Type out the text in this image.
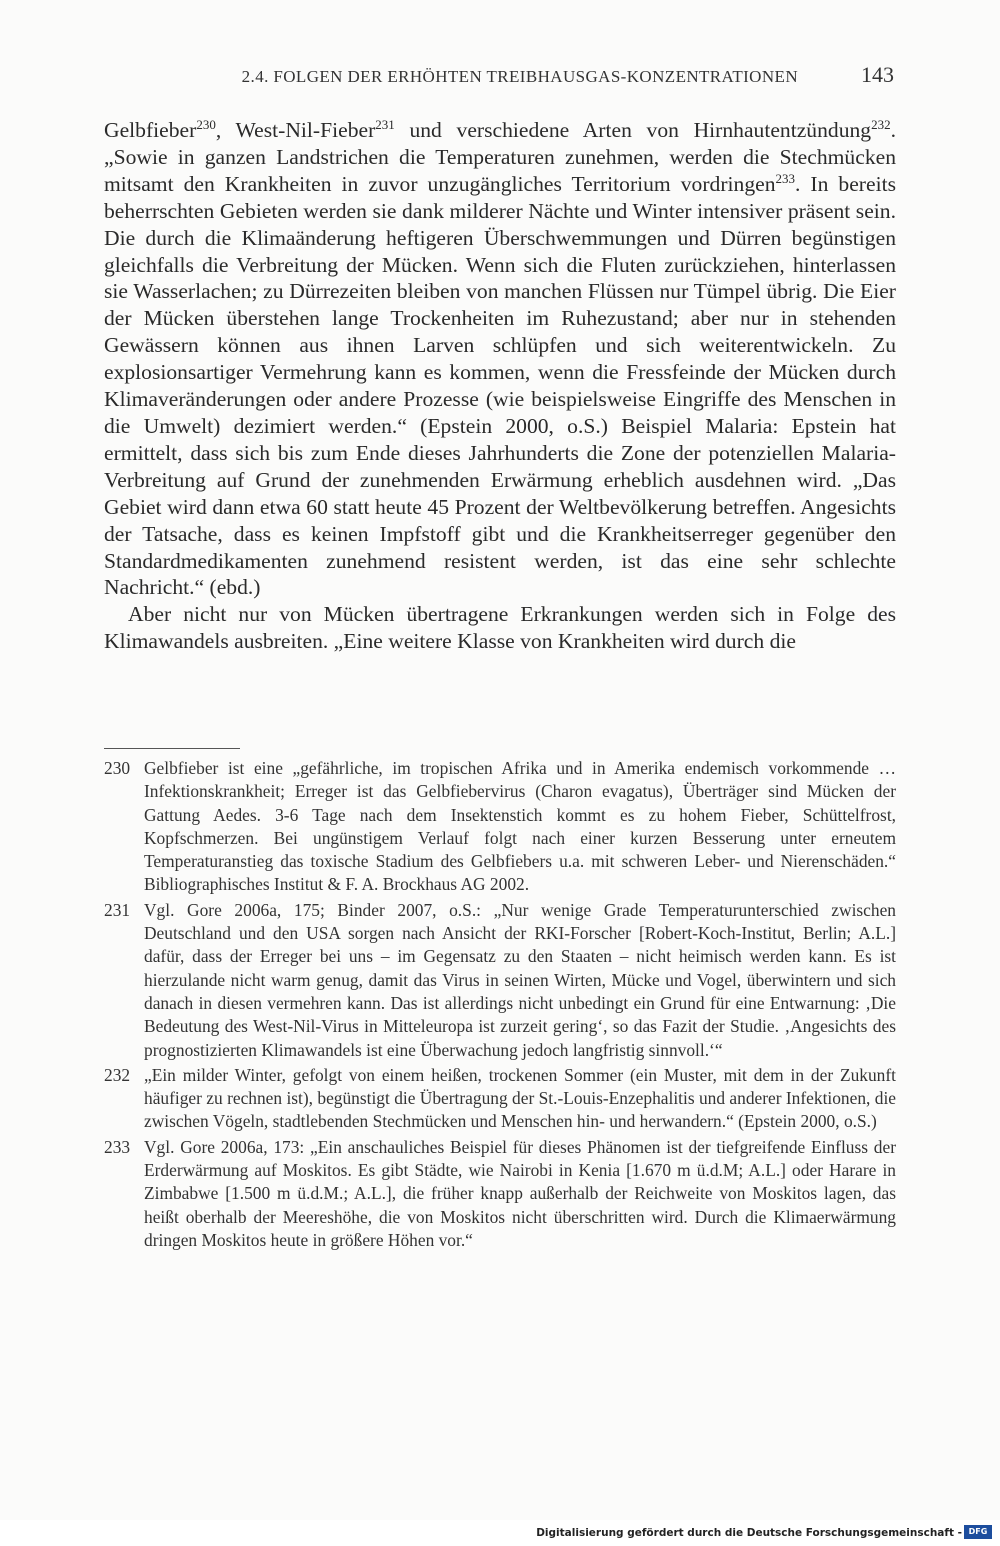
2.4. FOLGEN DER ERHÖHTEN TREIBHAUSGAS-KONZENTRATIONEN	143

Gelbfieber$^{230}$, West-Nil-Fieber$^{231}$ und verschiedene Arten von Hirnhautentzündung$^{232}$. „Sowie in ganzen Landstrichen die Temperaturen zunehmen, werden die Stechmücken mitsamt den Krankheiten in zuvor unzugängliches Territorium vordringen$^{233}$. In bereits beherrschten Gebieten werden sie dank milderer Nächte und Winter intensiver präsent sein. Die durch die Klimaänderung heftigeren Überschwemmungen und Dürren begünstigen gleichfalls die Verbreitung der Mücken. Wenn sich die Fluten zurückziehen, hinterlassen sie Wasserlachen; zu Dürrezeiten bleiben von manchen Flüssen nur Tümpel übrig. Die Eier der Mücken überstehen lange Trockenheiten im Ruhezustand; aber nur in stehenden Gewässern können aus ihnen Larven schlüpfen und sich weiterentwickeln. Zu explosionsartiger Vermehrung kann es kommen, wenn die Fressfeinde der Mücken durch Klimaveränderungen oder andere Prozesse (wie beispielsweise Eingriffe des Menschen in die Umwelt) dezimiert werden.“ (Epstein 2000, o.S.) Beispiel Malaria: Epstein hat ermittelt, dass sich bis zum Ende dieses Jahrhunderts die Zone der potenziellen Malaria-Verbreitung auf Grund der zunehmenden Erwärmung erheblich ausdehnen wird. „Das Gebiet wird dann etwa 60 statt heute 45 Prozent der Weltbevölkerung betreffen. Angesichts der Tatsache, dass es keinen Impfstoff gibt und die Krankheitserreger gegenüber den Standardmedikamenten zunehmend resistent werden, ist das eine sehr schlechte Nachricht.“ (ebd.)

Aber nicht nur von Mücken übertragene Erkrankungen werden sich in Folge des Klimawandels ausbreiten. „Eine weitere Klasse von Krankheiten wird durch die

230 Gelbfieber ist eine „gefährliche, im tropischen Afrika und in Amerika endemisch vorkommende … Infektionskrankheit; Erreger ist das Gelbfiebervirus (Charon evagatus), Überträger sind Mücken der Gattung Aedes. 3-6 Tage nach dem Insektenstich kommt es zu hohem Fieber, Schüttelfrost, Kopfschmerzen. Bei ungünstigem Verlauf folgt nach einer kurzen Besserung unter erneutem Temperaturanstieg das toxische Stadium des Gelbfiebers u.a. mit schweren Leber- und Nierenschäden.“ Bibliographisches Institut & F. A. Brockhaus AG 2002.
231 Vgl. Gore 2006a, 175; Binder 2007, o.S.: „Nur wenige Grade Temperaturunterschied zwischen Deutschland und den USA sorgen nach Ansicht der RKI-Forscher [Robert-Koch-Institut, Berlin; A.L.] dafür, dass der Erreger bei uns – im Gegensatz zu den Staaten – nicht heimisch werden kann. Es ist hierzulande nicht warm genug, damit das Virus in seinen Wirten, Mücke und Vogel, überwintern und sich danach in diesen vermehren kann. Das ist allerdings nicht unbedingt ein Grund für eine Entwarnung: ‚Die Bedeutung des West-Nil-Virus in Mitteleuropa ist zurzeit gering‘, so das Fazit der Studie. ‚Angesichts des prognostizierten Klimawandels ist eine Überwachung jedoch langfristig sinnvoll.‘“
232 „Ein milder Winter, gefolgt von einem heißen, trockenen Sommer (ein Muster, mit dem in der Zukunft häufiger zu rechnen ist), begünstigt die Übertragung der St.-Louis-Enzephalitis und anderer Infektionen, die zwischen Vögeln, stadtlebenden Stechmücken und Menschen hin- und herwandern.“ (Epstein 2000, o.S.)
233 Vgl. Gore 2006a, 173: „Ein anschauliches Beispiel für dieses Phänomen ist der tiefgreifende Einfluss der Erderwärmung auf Moskitos. Es gibt Städte, wie Nairobi in Kenia [1.670 m ü.d.M; A.L.] oder Harare in Zimbabwe [1.500 m ü.d.M.; A.L.], die früher knapp außerhalb der Reichweite von Moskitos lagen, das heißt oberhalb der Meereshöhe, die von Moskitos nicht überschritten wird. Durch die Klimaerwärmung dringen Moskitos heute in größere Höhen vor.“
Digitalisierung gefördert durch die Deutsche Forschungsgemeinschaft - DFG
